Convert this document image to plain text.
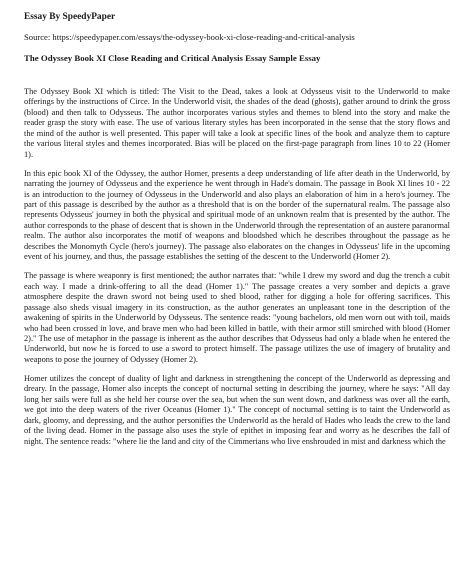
Essay By SpeedyPaper
Source: https://speedypaper.com/essays/the-odyssey-book-xi-close-reading-and-critical-analysis
The Odyssey Book XI Close Reading and Critical Analysis Essay Sample Essay

The Odyssey Book XI which is titled: The Visit to the Dead, takes a look at Odysseus visit to the Underworld to make offerings by the instructions of Circe. In the Underworld visit, the shades of the dead (ghosts), gather around to drink the gross (blood) and then talk to Odysseus. The author incorporates various styles and themes to blend into the story and make the reader grasp the story with ease. The use of various literary styles has been incorporated in the sense that the story flows and the mind of the author is well presented. This paper will take a look at specific lines of the book and analyze them to capture the various literal styles and themes incorporated. Bias will be placed on the first-page paragraph from lines 10 to 22 (Homer 1).

In this epic book XI of the Odyssey, the author Homer, presents a deep understanding of life after death in the Underworld, by narrating the journey of Odysseus and the experience he went through in Hade's domain. The passage in Book XI lines 10 - 22 is an introduction to the journey of Odysseus in the Underworld and also plays an elaboration of him in a hero's journey. The part of this passage is described by the author as a threshold that is on the border of the supernatural realm. The passage also represents Odysseus' journey in both the physical and spiritual mode of an unknown realm that is presented by the author. The author corresponds to the phase of descent that is shown in the Underworld through the representation of an austere paranormal realm. The author also incorporates the motif of weapons and bloodshed which he describes throughout the passage as he describes the Monomyth Cycle (hero's journey). The passage also elaborates on the changes in Odysseus' life in the upcoming event of his journey, and thus, the passage establishes the setting of the descent to the Underworld (Homer 2).

The passage is where weaponry is first mentioned; the author narrates that: "while I drew my sword and dug the trench a cubit each way. I made a drink-offering to all the dead (Homer 1)." The passage creates a very somber and depicts a grave atmosphere despite the drawn sword not being used to shed blood, rather for digging a hole for offering sacrifices. This passage also sheds visual imagery in its construction, as the author generates an unpleasant tone in the description of the awakening of spirits in the Underworld by Odysseus. The sentence reads: "young bachelors, old men worn out with toil, maids who had been crossed in love, and brave men who had been killed in battle, with their armor still smirched with blood (Homer 2)." The use of metaphor in the passage is inherent as the author describes that Odysseus had only a blade when he entered the Underworld, but now he is forced to use a sword to protect himself. The passage utilizes the use of imagery of brutality and weapons to pose the journey of Odyssey (Homer 2).

Homer utilizes the concept of duality of light and darkness in strengthening the concept of the Underworld as depressing and dreary. In the passage, Homer also incepts the concept of nocturnal setting in describing the journey, where he says: "All day long her sails were full as she held her course over the sea, but when the sun went down, and darkness was over all the earth, we got into the deep waters of the river Oceanus (Homer 1)." The concept of nocturnal setting is to taint the Underworld as dark, gloomy, and depressing, and the author personifies the Underworld as the herald of Hades who leads the crew to the land of the living dead. Homer in the passage also uses the style of epithet in imposing fear and worry as he describes the fall of night. The sentence reads: "where lie the land and city of the Cimmerians who live enshrouded in mist and darkness which the
